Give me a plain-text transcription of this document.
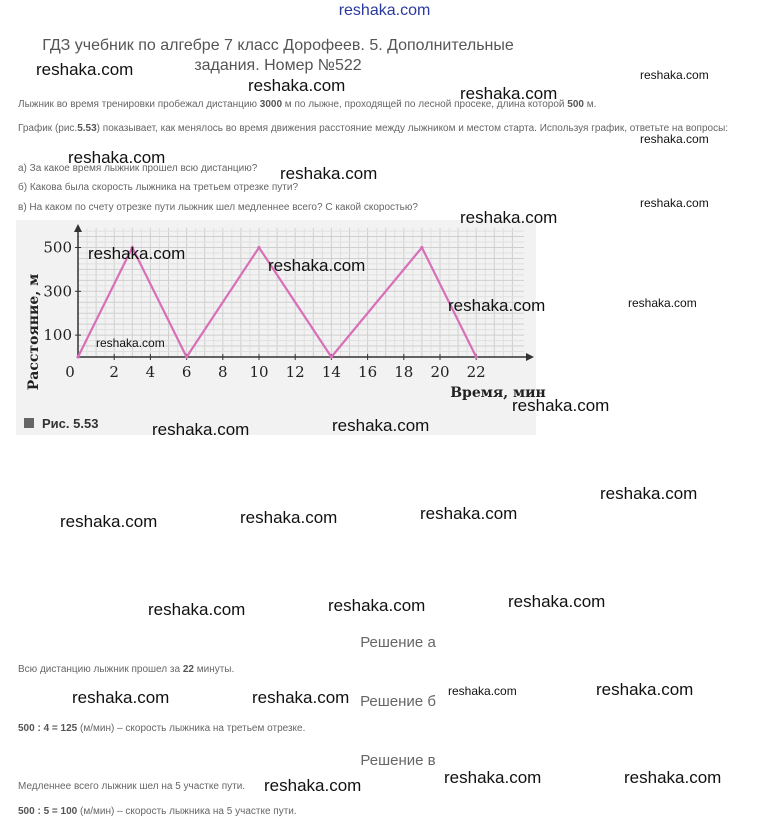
reshaka.com
ГДЗ учебник по алгебре 7 класс Дорофеев. 5. Дополнительные
задания. Номер №522
Лыжник во время тренировки пробежал дистанцию 3000 м по лыжне, проходящей по лесной просеке, длина которой 500 м.
График (рис.5.53) показывает, как менялось во время движения расстояние между лыжником и местом старта. Используя график, ответьте на вопросы:
а) За какое время лыжник прошел всю дистанцию?
б) Какова была скорость лыжника на третьем отрезке пути?
в) На каком по счету отрезке пути лыжник шел медленнее всего? С какой скоростью?
0 2 4 6 8 10 12 14 16 18 20 22
100
300
500
Расстояние, м
Время, мин
Рис. 5.53
Решение а
Всю дистанцию лыжник прошел за 22 минуты.
Решение б
500 : 4 = 125 (м/мин) – скорость лыжника на третьем отрезке.
Решение в
Медленнее всего лыжник шел на 5 участке пути.
500 : 5 = 100 (м/мин) – скорость лыжника на 5 участке пути.
reshaka.com
reshaka.com	reshaka.com
reshaka.com
reshaka.com
reshaka.com
reshaka.com
reshaka.com
reshaka.com
reshaka.com
reshaka.com
reshaka.com	reshaka.com
reshaka.com
reshaka.com
reshaka.com	reshaka.com
reshaka.com
reshaka.com	reshaka.com	reshaka.com
reshaka.com	reshaka.com	reshaka.com
reshaka.com	reshaka.com	reshaka.com	reshaka.com
reshaka.com	reshaka.com	reshaka.com
